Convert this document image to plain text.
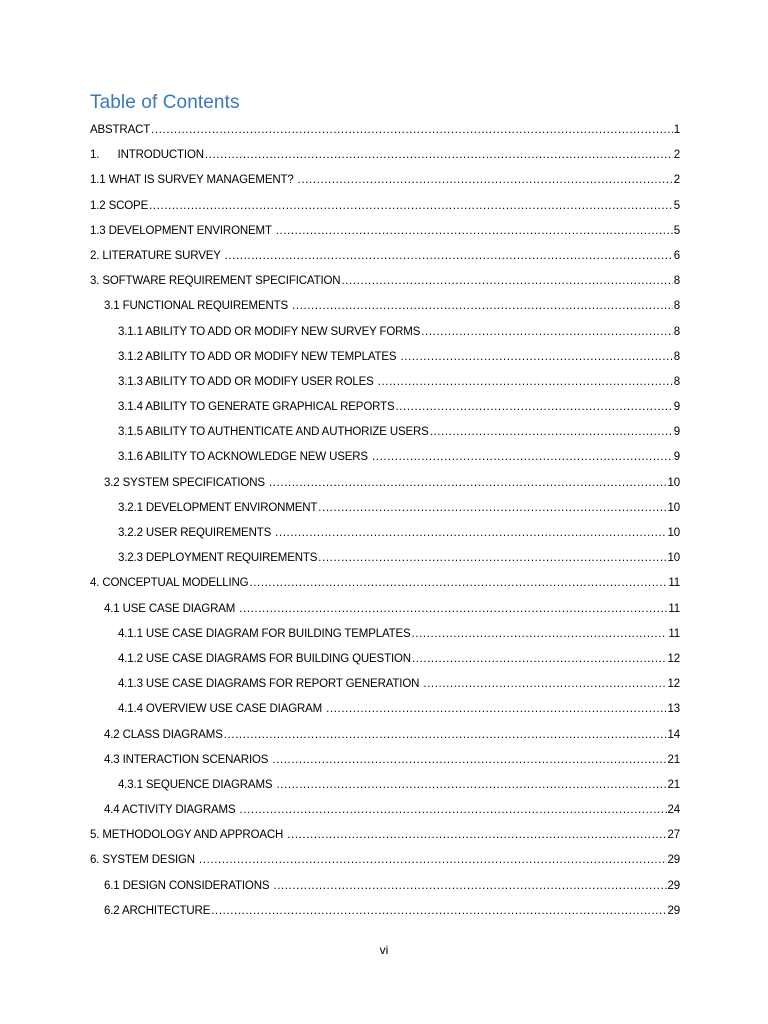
Table of Contents
ABSTRACT .....	1
1.      INTRODUCTION .....	2
1.1 WHAT IS SURVEY MANAGEMENT? .....	2
1.2 SCOPE .....	5
1.3 DEVELOPMENT ENVIRONEMT .....	5
2. LITERATURE SURVEY .....	6
3. SOFTWARE REQUIREMENT SPECIFICATION .....	8
3.1 FUNCTIONAL REQUIREMENTS .....	8
3.1.1 ABILITY TO ADD OR MODIFY NEW SURVEY FORMS .....	8
3.1.2 ABILITY TO ADD OR MODIFY NEW TEMPLATES .....	8
3.1.3 ABILITY TO ADD OR MODIFY USER ROLES .....	8
3.1.4 ABILITY TO GENERATE GRAPHICAL REPORTS .....	9
3.1.5 ABILITY TO AUTHENTICATE AND AUTHORIZE USERS .....	9
3.1.6 ABILITY TO ACKNOWLEDGE NEW USERS .....	9
3.2 SYSTEM SPECIFICATIONS .....	10
3.2.1 DEVELOPMENT ENVIRONMENT .....	10
3.2.2 USER REQUIREMENTS .....	10
3.2.3 DEPLOYMENT REQUIREMENTS .....	10
4. CONCEPTUAL MODELLING .....	11
4.1 USE CASE DIAGRAM .....	11
4.1.1 USE CASE DIAGRAM FOR BUILDING TEMPLATES .....	11
4.1.2 USE CASE DIAGRAMS FOR BUILDING QUESTION .....	12
4.1.3 USE CASE DIAGRAMS FOR REPORT GENERATION .....	12
4.1.4 OVERVIEW USE CASE DIAGRAM .....	13
4.2 CLASS DIAGRAMS .....	14
4.3 INTERACTION SCENARIOS .....	21
4.3.1 SEQUENCE DIAGRAMS .....	21
4.4 ACTIVITY DIAGRAMS .....	24
5. METHODOLOGY AND APPROACH .....	27
6. SYSTEM DESIGN .....	29
6.1 DESIGN CONSIDERATIONS .....	29
6.2 ARCHITECTURE .....	29
vi
